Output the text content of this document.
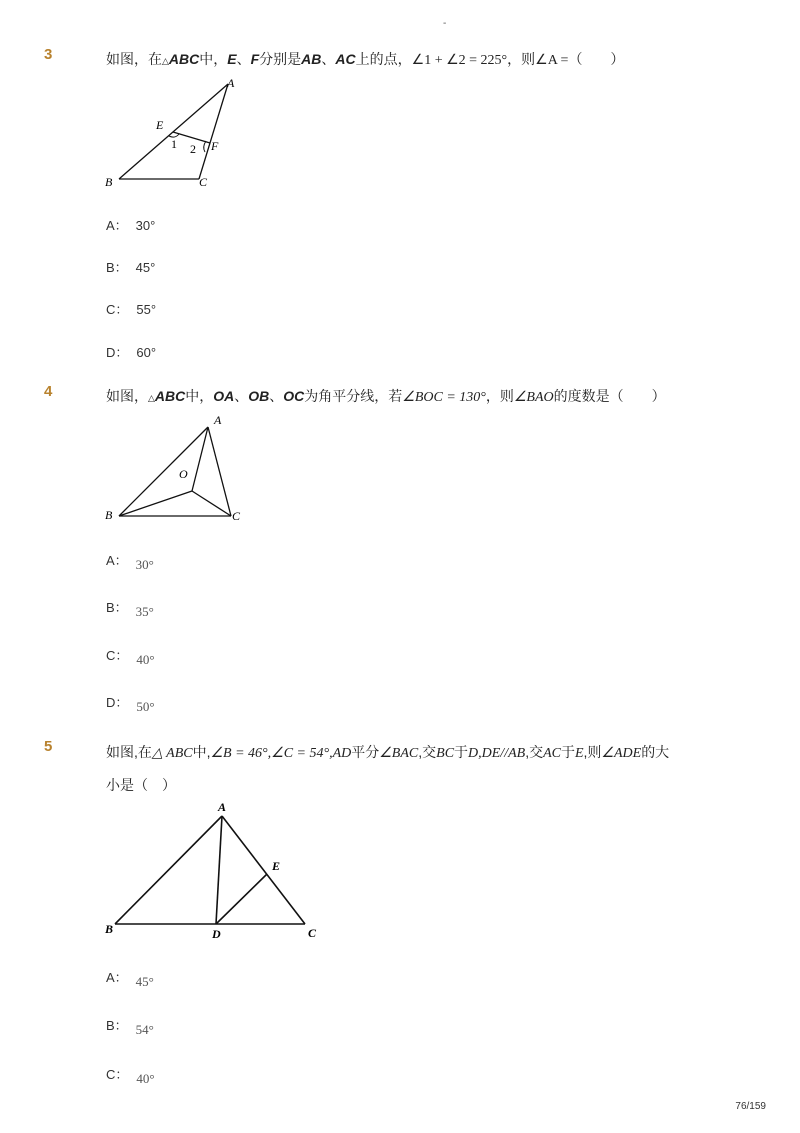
-
3	如图，在△ABC中，E、F分别是AB、AC上的点，∠1 + ∠2 = 225°，则∠A =（　　）
A
B	C
E
F
1 2
A： 30°
B： 45°
C： 55°
D： 60°
4	如图，△ABC中，OA、OB、OC为角平分线，若∠BOC = 130°，则∠BAO的度数是（　　）
A
B	C
O
A： 30°
B： 35°
C： 40°
D： 50°
5	如图,在△ ABC中,∠B = 46°,∠C = 54°,AD平分∠BAC,交BC于D,DE//AB,交AC于E,则∠ADE的大
小是（　）
A
B	C
D
E
A： 45°
B： 54°
C： 40°
76/159
